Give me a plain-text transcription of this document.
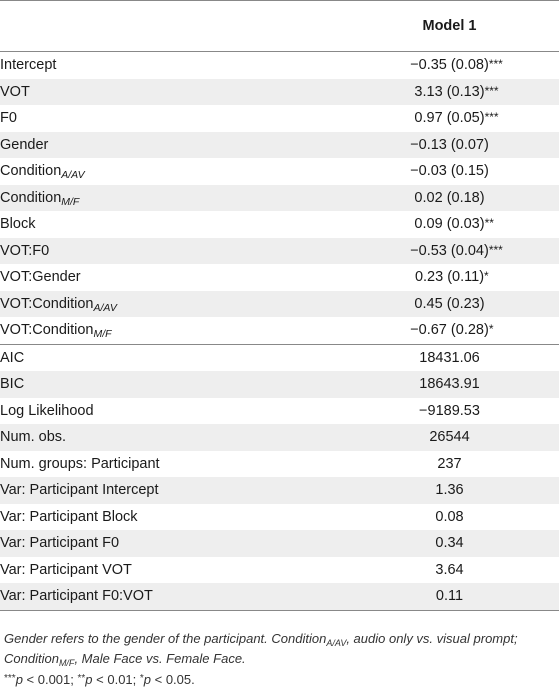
	Model 1
Intercept	−0.35 (0.08) ***

VOT	3.13 (0.13) ***

F0	0.97 (0.05) ***

Gender	−0.13 (0.07)

Condition$_{A/AV}$	−0.03 (0.15)

Condition$_{M/F}$	0.02 (0.18)

Block	0.09 (0.03) **

VOT:F0	−0.53 (0.04) ***

VOT:Gender	0.23 (0.11) *

VOT:Condition$_{A/AV}$	0.45 (0.23)

VOT:Condition$_{M/F}$	−0.67 (0.28) *

AIC	18431.06
BIC	18643.91
Log Likelihood	−9189.53
Num. obs.	26544
Num. groups: Participant	237
Var: Participant Intercept	1.36
Var: Participant Block	0.08
Var: Participant F0	0.34
Var: Participant VOT	3.64
Var: Participant F0:VOT	0.11
Gender refers to the gender of the participant. Condition$_{A/AV}$, audio only vs. visual prompt;
Condition$_{M/F}$, Male Face vs. Female Face.
***p < 0.001; **p < 0.01; *p < 0.05.
